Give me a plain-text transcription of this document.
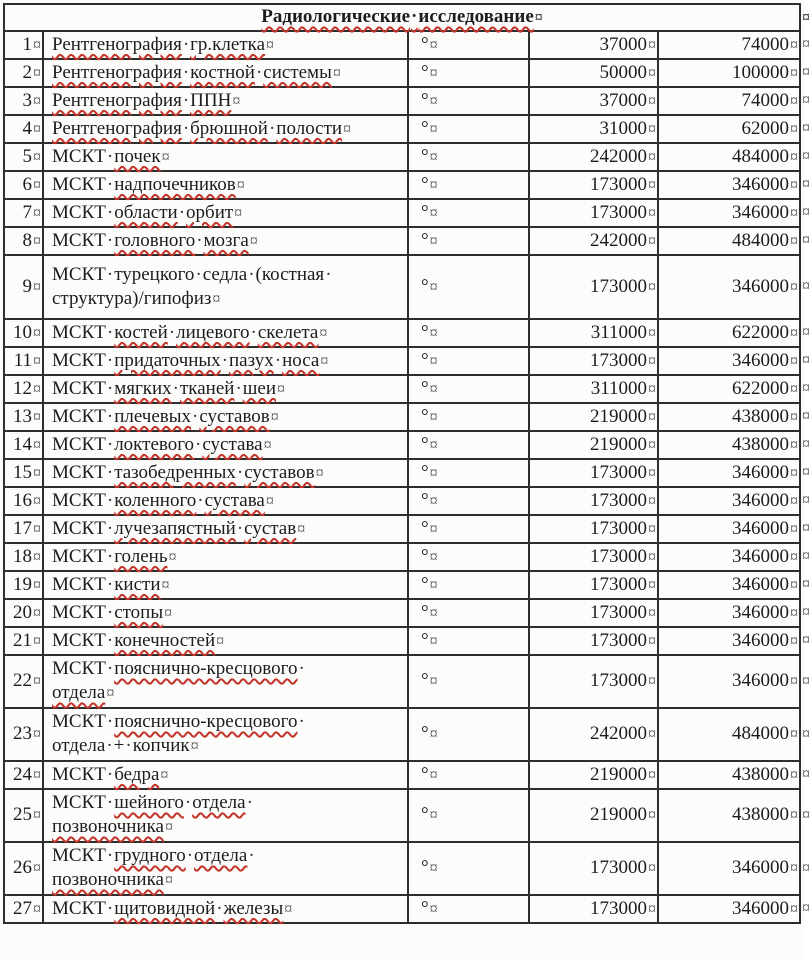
Радиологические·исследование¤ ¤				

1¤	Рентгенография·гр.клетка¤	°¤	37000¤	74000¤ ¤

2¤	Рентгенография·костной·системы¤	°¤	50000¤	100000¤ ¤

3¤	Рентгенография·ППН¤	°¤	37000¤	74000¤ ¤

4¤	Рентгенография·брюшной·полости¤	°¤	31000¤	62000¤ ¤

5¤	МСКТ·почек¤	°¤	242000¤	484000¤ ¤

6¤	МСКТ·надпочечников¤	°¤	173000¤	346000¤ ¤

7¤	МСКТ·области·орбит¤	°¤	173000¤	346000¤ ¤

8¤	МСКТ·головного·мозга¤	°¤	242000¤	484000¤ ¤

9¤	МСКТ·турецкого·седла·(костная·
структура)/гипофиз¤	°¤	173000¤	346000¤ ¤

10¤	МСКТ·костей·лицевого·скелета¤	°¤	311000¤	622000¤ ¤

11¤	МСКТ·придаточных·пазух·носа¤	°¤	173000¤	346000¤ ¤

12¤	МСКТ·мягких·тканей·шеи¤	°¤	311000¤	622000¤ ¤

13¤	МСКТ·плечевых·суставов¤	°¤	219000¤	438000¤ ¤

14¤	МСКТ·локтевого·сустава¤	°¤	219000¤	438000¤ ¤

15¤	МСКТ·тазобедренных·суставов¤	°¤	173000¤	346000¤ ¤

16¤	МСКТ·коленного·сустава¤	°¤	173000¤	346000¤ ¤

17¤	МСКТ·лучезапястный·сустав¤	°¤	173000¤	346000¤ ¤

18¤	МСКТ·голень¤	°¤	173000¤	346000¤ ¤

19¤	МСКТ·кисти¤	°¤	173000¤	346000¤ ¤

20¤	МСКТ·стопы¤	°¤	173000¤	346000¤ ¤

21¤	МСКТ·конечностей¤	°¤	173000¤	346000¤ ¤

22¤	МСКТ·пояснично-кресцового·
отдела¤	°¤	173000¤	346000¤ ¤

23¤	МСКТ·пояснично-кресцового·
отдела·+·копчик¤	°¤	242000¤	484000¤ ¤

24¤	МСКТ·бедра¤	°¤	219000¤	438000¤ ¤

25¤	МСКТ·шейного·отдела·
позвоночника¤	°¤	219000¤	438000¤ ¤

26¤	МСКТ·грудного·отдела·
позвоночника¤	°¤	173000¤	346000¤ ¤

27¤	МСКТ·щитовидной·железы¤	°¤	173000¤	346000¤ ¤
